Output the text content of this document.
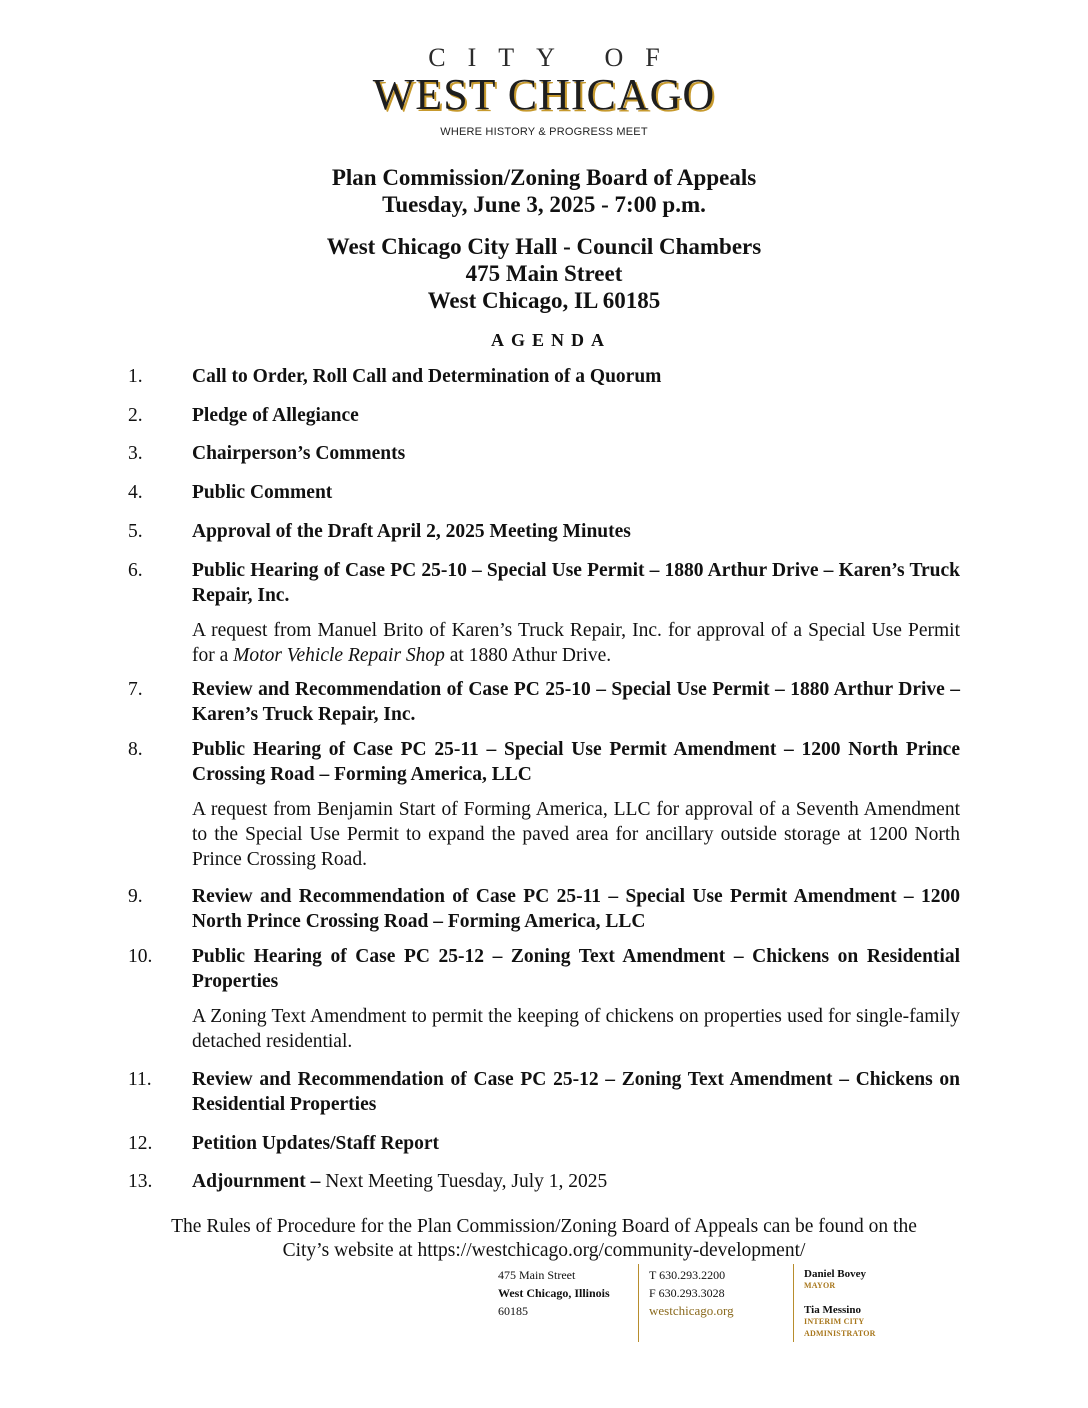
CITY OF
WEST CHICAGO
WHERE HISTORY & PROGRESS MEET
Plan Commission/Zoning Board of Appeals
Tuesday, June 3, 2025 - 7:00 p.m.
West Chicago City Hall - Council Chambers
475 Main Street
West Chicago, IL 60185
AGENDA
1.	Call to Order, Roll Call and Determination of a Quorum
2.	Pledge of Allegiance
3.	Chairperson’s Comments
4.	Public Comment
5.	Approval of the Draft April 2, 2025 Meeting Minutes
6.	Public Hearing of Case PC 25-10 – Special Use Permit – 1880 Arthur Drive – Karen’s Truck Repair, Inc.
A request from Manuel Brito of Karen’s Truck Repair, Inc. for approval of a Special Use Permit for a Motor Vehicle Repair Shop at 1880 Athur Drive.
7.	Review and Recommendation of Case PC 25-10 – Special Use Permit – 1880 Arthur Drive – Karen’s Truck Repair, Inc.
8.	Public Hearing of Case PC 25-11 – Special Use Permit Amendment – 1200 North Prince Crossing Road – Forming America, LLC
A request from Benjamin Start of Forming America, LLC for approval of a Seventh Amendment to the Special Use Permit to expand the paved area for ancillary outside storage at 1200 North Prince Crossing Road.
9.	Review and Recommendation of Case PC 25-11 – Special Use Permit Amendment – 1200 North Prince Crossing Road – Forming America, LLC
10. Public Hearing of Case PC 25-12 – Zoning Text Amendment – Chickens on Residential Properties
A Zoning Text Amendment to permit the keeping of chickens on properties used for single-family detached residential.
11. Review and Recommendation of Case PC 25-12 – Zoning Text Amendment – Chickens on Residential Properties
12. Petition Updates/Staff Report
13. Adjournment – Next Meeting Tuesday, July 1, 2025
The Rules of Procedure for the Plan Commission/Zoning Board of Appeals can be found on the
City’s website at https://westchicago.org/community-development/
475 Main Street
West Chicago, Illinois
60185
T 630.293.2200
F 630.293.3028
westchicago.org
Daniel Bovey
MAYOR
Tia Messino
INTERIM CITY
ADMINISTRATOR
